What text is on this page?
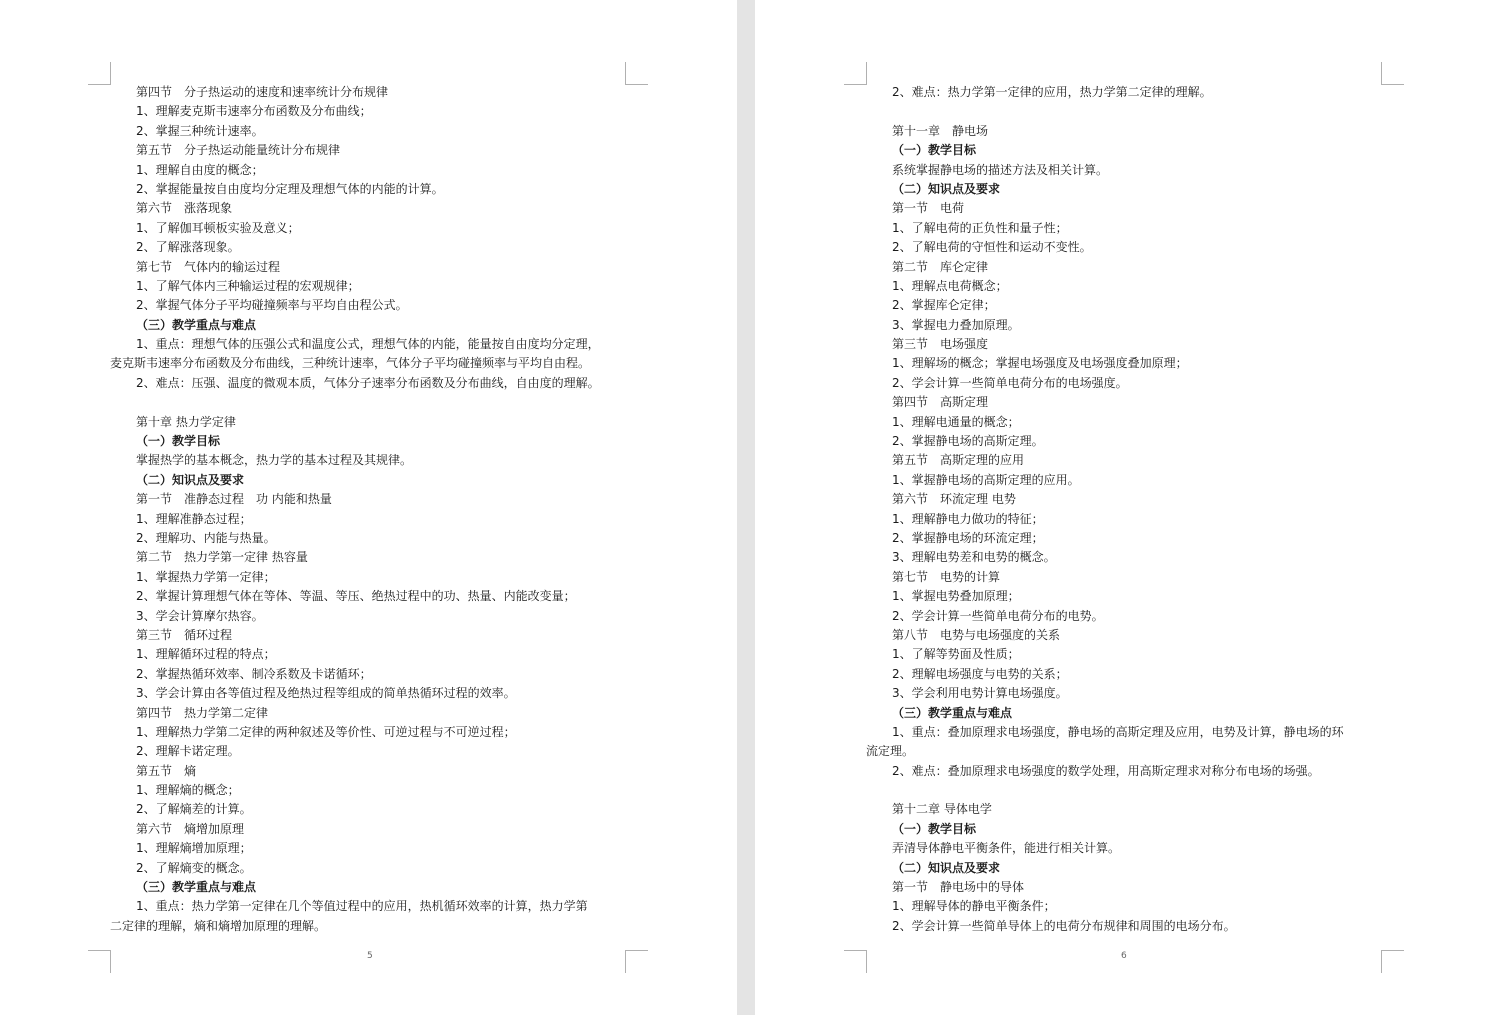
第四节　分子热运动的速度和速率统计分布规律
1、理解麦克斯韦速率分布函数及分布曲线；
2、掌握三种统计速率。
第五节　分子热运动能量统计分布规律
1、理解自由度的概念；
2、掌握能量按自由度均分定理及理想气体的内能的计算。
第六节　涨落现象
1、了解伽耳顿板实验及意义；
2、了解涨落现象。
第七节　气体内的输运过程
1、了解气体内三种输运过程的宏观规律；
2、掌握气体分子平均碰撞频率与平均自由程公式。
（三）教学重点与难点
1、重点：理想气体的压强公式和温度公式，理想气体的内能，能量按自由度均分定理，
麦克斯韦速率分布函数及分布曲线，三种统计速率，气体分子平均碰撞频率与平均自由程。
2、难点：压强、温度的微观本质，气体分子速率分布函数及分布曲线，自由度的理解。
第十章 热力学定律
（一）教学目标
掌握热学的基本概念，热力学的基本过程及其规律。
（二）知识点及要求
第一节　准静态过程　功 内能和热量
1、理解准静态过程；
2、理解功、内能与热量。
第二节　热力学第一定律 热容量
1、掌握热力学第一定律；
2、掌握计算理想气体在等体、等温、等压、绝热过程中的功、热量、内能改变量；
3、学会计算摩尔热容。
第三节　循环过程
1、理解循环过程的特点；
2、掌握热循环效率、制冷系数及卡诺循环；
3、学会计算由各等值过程及绝热过程等组成的简单热循环过程的效率。
第四节　热力学第二定律
1、理解热力学第二定律的两种叙述及等价性、可逆过程与不可逆过程；
2、理解卡诺定理。
第五节　熵
1、理解熵的概念；
2、了解熵差的计算。
第六节　熵增加原理
1、理解熵增加原理；
2、了解熵变的概念。
（三）教学重点与难点
1、重点：热力学第一定律在几个等值过程中的应用，热机循环效率的计算，热力学第
二定律的理解，熵和熵增加原理的理解。
5
2、难点：热力学第一定律的应用，热力学第二定律的理解。
第十一章　静电场
（一）教学目标
系统掌握静电场的描述方法及相关计算。
（二）知识点及要求
第一节　电荷
1、了解电荷的正负性和量子性；
2、了解电荷的守恒性和运动不变性。
第二节　库仑定律
1、理解点电荷概念；
2、掌握库仑定律；
3、掌握电力叠加原理。
第三节　电场强度
1、理解场的概念；掌握电场强度及电场强度叠加原理；
2、学会计算一些简单电荷分布的电场强度。
第四节　高斯定理
1、理解电通量的概念；
2、掌握静电场的高斯定理。
第五节　高斯定理的应用
1、掌握静电场的高斯定理的应用。
第六节　环流定理 电势
1、理解静电力做功的特征；
2、掌握静电场的环流定理；
3、理解电势差和电势的概念。
第七节　电势的计算
1、掌握电势叠加原理；
2、学会计算一些简单电荷分布的电势。
第八节　电势与电场强度的关系
1、了解等势面及性质；
2、理解电场强度与电势的关系；
3、学会利用电势计算电场强度。
（三）教学重点与难点
1、重点：叠加原理求电场强度，静电场的高斯定理及应用，电势及计算，静电场的环
流定理。
2、难点：叠加原理求电场强度的数学处理，用高斯定理求对称分布电场的场强。
第十二章 导体电学
（一）教学目标
弄清导体静电平衡条件，能进行相关计算。
（二）知识点及要求
第一节　静电场中的导体
1、理解导体的静电平衡条件；
2、学会计算一些简单导体上的电荷分布规律和周围的电场分布。
6
